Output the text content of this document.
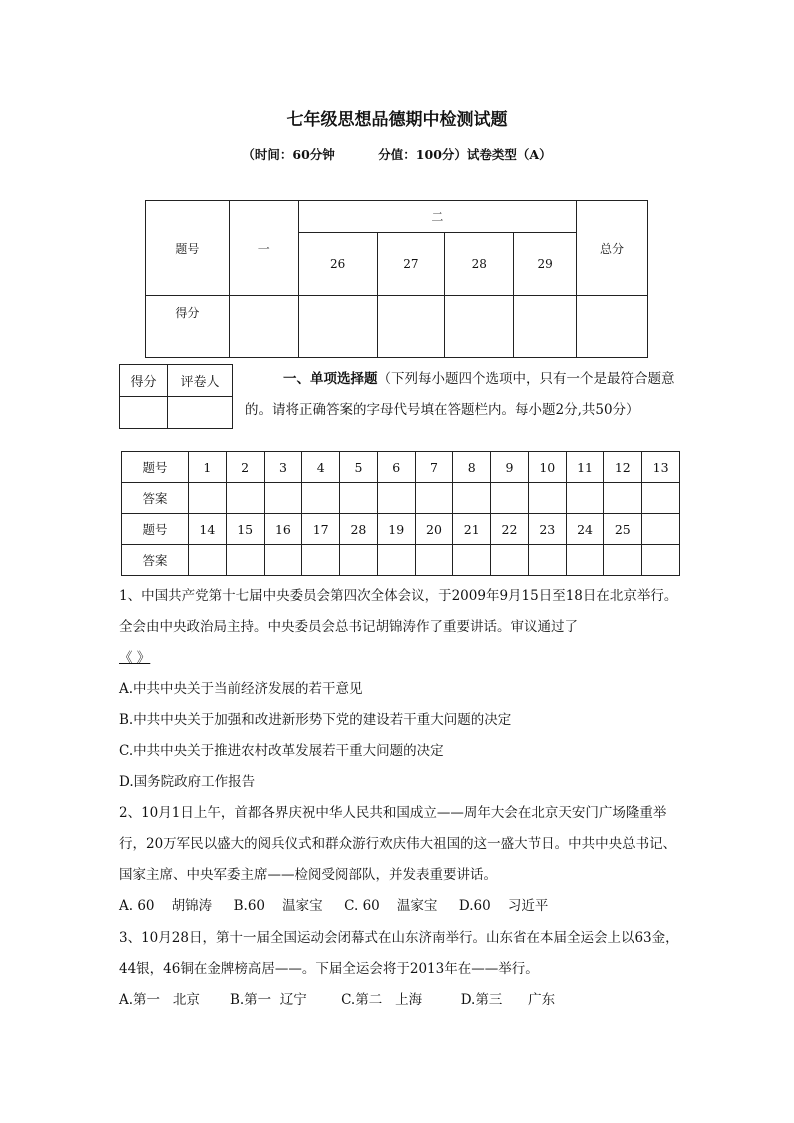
七年级思想品德期中检测试题
（时间：60分钟          分值：100分）试卷类型（A）
题号	一	二				总分
		26	27	28	29	
得分						
得分	评卷人
		一、单项选择题（下列每小题四个选项中，只有一个是最符合题意的。请将正确答案的字母代号填在答题栏内。每小题2分,共50分）
题号	1	2	3	4	5	6	7	8	9	10	11	12	13
答案													
题号	14	15	16	17	28	19	20	21	22	23	24	25	
答案													

1、中国共产党第十七届中央委员会第四次全体会议，于2009年9月15日至18日在北京举行。全会由中央政治局主持。中央委员会总书记胡锦涛作了重要讲话。审议通过了

《 》

A.中共中央关于当前经济发展的若干意见

B.中共中央关于加强和改进新形势下党的建设若干重大问题的决定

C.中共中央关于推进农村改革发展若干重大问题的决定

D.国务院政府工作报告

2、10月1日上午，首都各界庆祝中华人民共和国成立——周年大会在北京天安门广场隆重举行，20万军民以盛大的阅兵仪式和群众游行欢庆伟大祖国的这一盛大节日。中共中央总书记、国家主席、中央军委主席——检阅受阅部队，并发表重要讲话。

A. 60    胡锦涛     B.60    温家宝     C. 60    温家宝     D.60    习近平

3、10月28日，第十一届全国运动会闭幕式在山东济南举行。山东省在本届全运会上以63金，44银，46铜在金牌榜高居——。下届全运会将于2013年在——举行。

A.第一   北京       B.第一  辽宁        C.第二   上海         D.第三      广东
